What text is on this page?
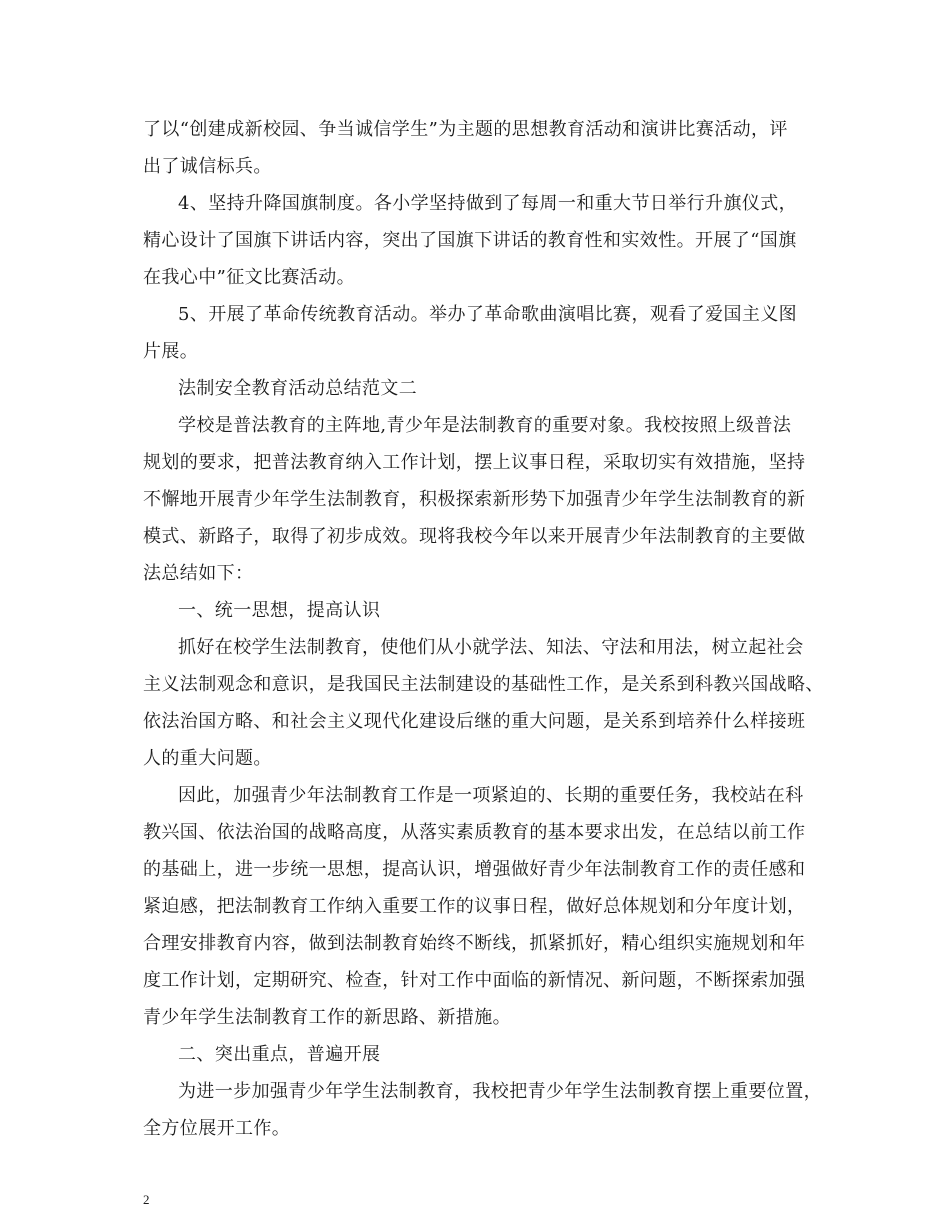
了以“创建成新校园、争当诚信学生”为主题的思想教育活动和演讲比赛活动，评
出了诚信标兵。
4、坚持升降国旗制度。各小学坚持做到了每周一和重大节日举行升旗仪式，
精心设计了国旗下讲话内容，突出了国旗下讲话的教育性和实效性。开展了“国旗
在我心中”征文比赛活动。
5、开展了革命传统教育活动。举办了革命歌曲演唱比赛，观看了爱国主义图
片展。
法制安全教育活动总结范文二
学校是普法教育的主阵地,青少年是法制教育的重要对象。我校按照上级普法
规划的要求，把普法教育纳入工作计划，摆上议事日程，采取切实有效措施，坚持
不懈地开展青少年学生法制教育，积极探索新形势下加强青少年学生法制教育的新
模式、新路子，取得了初步成效。现将我校今年以来开展青少年法制教育的主要做
法总结如下：
一、统一思想，提高认识
抓好在校学生法制教育，使他们从小就学法、知法、守法和用法，树立起社会
主义法制观念和意识，是我国民主法制建设的基础性工作，是关系到科教兴国战略、
依法治国方略、和社会主义现代化建设后继的重大问题，是关系到培养什么样接班
人的重大问题。
因此，加强青少年法制教育工作是一项紧迫的、长期的重要任务，我校站在科
教兴国、依法治国的战略高度，从落实素质教育的基本要求出发，在总结以前工作
的基础上，进一步统一思想，提高认识，增强做好青少年法制教育工作的责任感和
紧迫感，把法制教育工作纳入重要工作的议事日程，做好总体规划和分年度计划，
合理安排教育内容，做到法制教育始终不断线，抓紧抓好，精心组织实施规划和年
度工作计划，定期研究、检查，针对工作中面临的新情况、新问题，不断探索加强
青少年学生法制教育工作的新思路、新措施。
二、突出重点，普遍开展
为进一步加强青少年学生法制教育，我校把青少年学生法制教育摆上重要位置，
全方位展开工作。
2
